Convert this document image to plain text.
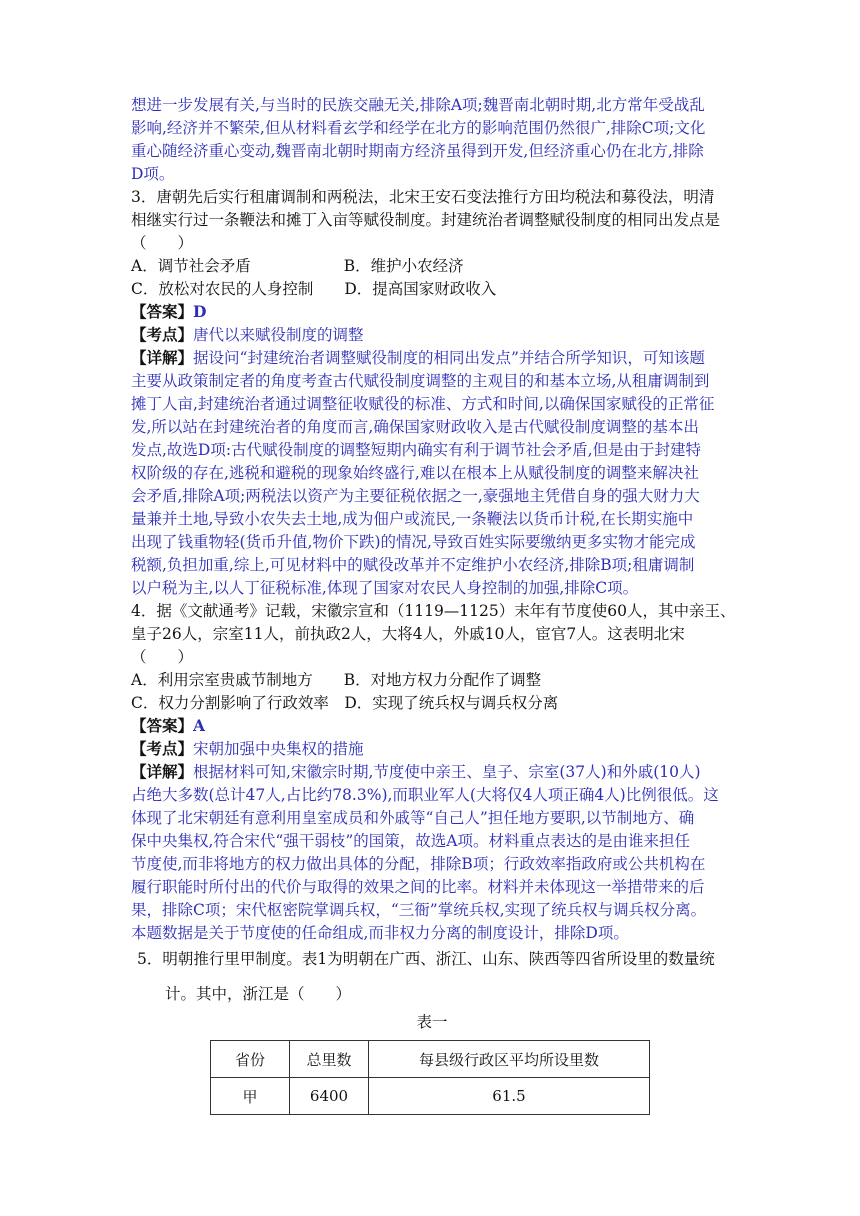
想进一步发展有关,与当时的民族交融无关,排除A项;魏晋南北朝时期,北方常年受战乱
影响,经济并不繁荣,但从材料看玄学和经学在北方的影响范围仍然很广,排除C项;文化
重心随经济重心变动,魏晋南北朝时期南方经济虽得到开发,但经济重心仍在北方,排除
D项。
3．唐朝先后实行租庸调制和两税法，北宋王安石变法推行方田均税法和募役法，明清
相继实行过一条鞭法和摊丁入亩等赋役制度。封建统治者调整赋役制度的相同出发点是
（　　）
A．调节社会矛盾　　　　　　B．维护小农经济
C．放松对农民的人身控制　　D．提高国家财政收入
【答案】D
【考点】唐代以来赋役制度的调整
【详解】据设问“封建统治者调整赋役制度的相同出发点”并结合所学知识，可知该题
主要从政策制定者的角度考查古代赋役制度调整的主观目的和基本立场,从租庸调制到
摊丁人亩,封建统治者通过调整征收赋役的标准、方式和时间,以确保国家赋役的正常征
发,所以站在封建统治者的角度而言,确保国家财政收入是古代赋役制度调整的基本出
发点,故选D项:古代赋役制度的调整短期内确实有利于调节社会矛盾,但是由于封建特
权阶级的存在,逃税和避税的现象始终盛行,难以在根本上从赋役制度的调整来解决社
会矛盾,排除A项;两税法以资产为主要征税依据之一,豪强地主凭借自身的强大财力大
量兼并土地,导致小农失去土地,成为佃户或流民,一条鞭法以货币计税,在长期实施中
出现了钱重物轻(货币升值,物价下跌)的情况,导致百姓实际要缴纳更多实物才能完成
税额,负担加重,综上,可见材料中的赋役改革并不定维护小农经济,排除B项;租庸调制
以户税为主,以人丁征税标准,体现了国家对农民人身控制的加强,排除C项。
4．据《文献通考》记载，宋徽宗宣和（1119—1125）末年有节度使60人，其中亲王、
皇子26人，宗室11人，前执政2人，大将4人，外戚10人，宦官7人。这表明北宋
（　　）
A．利用宗室贵戚节制地方　　B．对地方权力分配作了调整
C．权力分割影响了行政效率　D．实现了统兵权与调兵权分离
【答案】A
【考点】宋朝加强中央集权的措施
【详解】根据材料可知,宋徽宗时期,节度使中亲王、皇子、宗室(37人)和外戚(10人)
占绝大多数(总计47人,占比约78.3%),而职业军人(大将仅4人项正确4人)比例很低。这
体现了北宋朝廷有意利用皇室成员和外戚等“自己人”担任地方要职,以节制地方、确
保中央集权,符合宋代“强干弱枝”的国策，故选A项。材料重点表达的是由谁来担任
节度使,而非将地方的权力做出具体的分配，排除B项；行政效率指政府或公共机构在
履行职能时所付出的代价与取得的效果之间的比率。材料并未体现这一举措带来的后
果，排除C项；宋代枢密院掌调兵权，“三衙”掌统兵权,实现了统兵权与调兵权分离。
本题数据是关于节度使的任命组成,而非权力分离的制度设计，排除D项。
5．明朝推行里甲制度。表1为明朝在广西、浙江、山东、陕西等四省所设里的数量统
计。其中，浙江是（　　）
表一
省份	总里数	每县级行政区平均所设里数
甲	6400	61.5
